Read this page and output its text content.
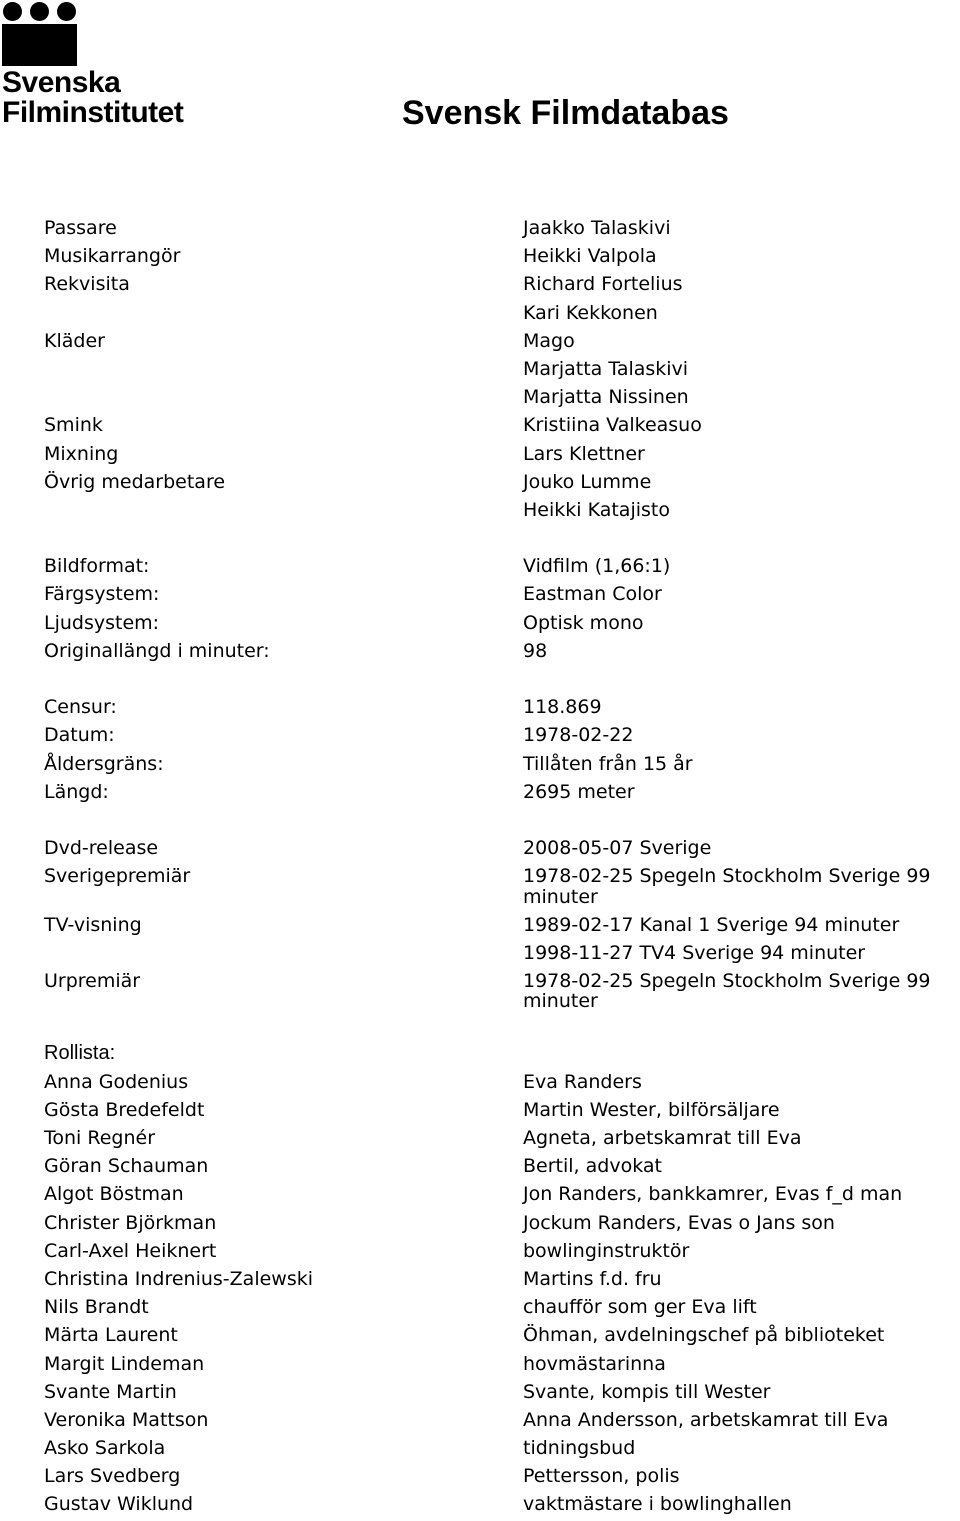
Svenska
Filminstitutet	Svensk Filmdatabas
Passare	Jaakko Talaskivi
Musikarrangör	Heikki Valpola
Rekvisita	Richard Fortelius
Kari Kekkonen
Kläder	Mago
Marjatta Talaskivi
Marjatta Nissinen
Smink	Kristiina Valkeasuo
Mixning	Lars Klettner
Övrig medarbetare	Jouko Lumme
Heikki Katajisto
Bildformat:	Vidfilm (1,66:1)
Färgsystem:	Eastman Color
Ljudsystem:	Optisk mono
Originallängd i minuter:	98
Censur:	118.869
Datum:	1978-02-22
Åldersgräns:	Tillåten från 15 år
Längd:	2695 meter
Dvd-release	2008-05-07 Sverige
Sverigepremiär	1978-02-25 Spegeln Stockholm Sverige 99 minuter
TV-visning	1989-02-17 Kanal 1 Sverige 94 minuter
1998-11-27 TV4 Sverige 94 minuter
Urpremiär	1978-02-25 Spegeln Stockholm Sverige 99 minuter
Rollista:
Anna Godenius	Eva Randers
Gösta Bredefeldt	Martin Wester, bilförsäljare
Toni Regnér	Agneta, arbetskamrat till Eva
Göran Schauman	Bertil, advokat
Algot Böstman	Jon Randers, bankkamrer, Evas f_d man
Christer Björkman	Jockum Randers, Evas o Jans son
Carl-Axel Heiknert	bowlinginstruktör
Christina Indrenius-Zalewski	Martins f.d. fru
Nils Brandt	chaufför som ger Eva lift
Märta Laurent	Öhman, avdelningschef på biblioteket
Margit Lindeman	hovmästarinna
Svante Martin	Svante, kompis till Wester
Veronika Mattson	Anna Andersson, arbetskamrat till Eva
Asko Sarkola	tidningsbud
Lars Svedberg	Pettersson, polis
Gustav Wiklund	vaktmästare i bowlinghallen
